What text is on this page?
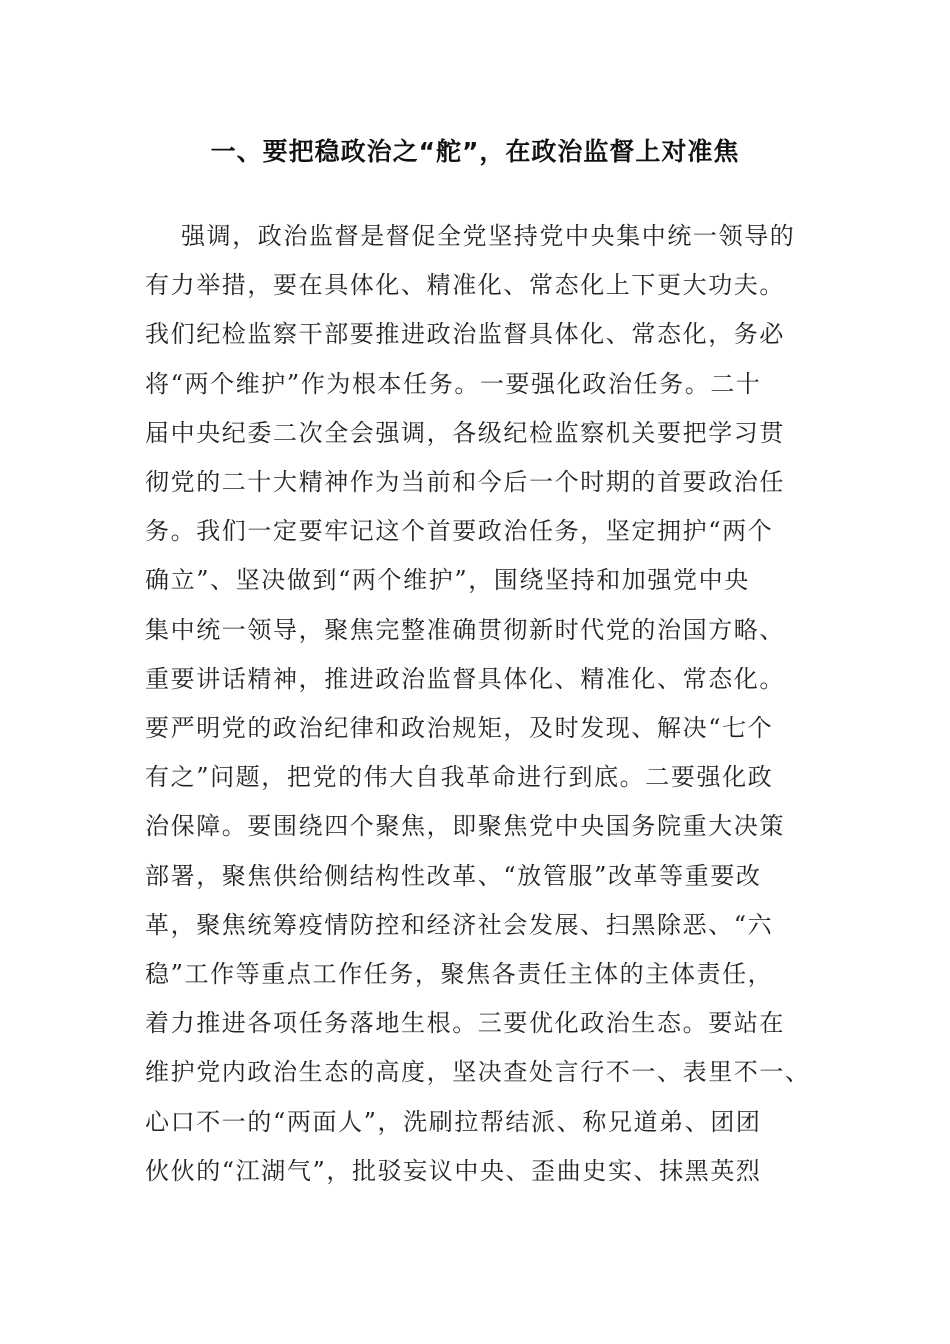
一、要把稳政治之“舵”，在政治监督上对准焦
强调，政治监督是督促全党坚持党中央集中统一领导的
有力举措，要在具体化、精准化、常态化上下更大功夫。
我们纪检监察干部要推进政治监督具体化、常态化，务必
将“两个维护”作为根本任务。一要强化政治任务。二十
届中央纪委二次全会强调，各级纪检监察机关要把学习贯
彻党的二十大精神作为当前和今后一个时期的首要政治任
务。我们一定要牢记这个首要政治任务，坚定拥护“两个
确立”、坚决做到“两个维护”，围绕坚持和加强党中央
集中统一领导，聚焦完整准确贯彻新时代党的治国方略、
重要讲话精神，推进政治监督具体化、精准化、常态化。
要严明党的政治纪律和政治规矩，及时发现、解决“七个
有之”问题，把党的伟大自我革命进行到底。二要强化政
治保障。要围绕四个聚焦，即聚焦党中央国务院重大决策
部署，聚焦供给侧结构性改革、“放管服”改革等重要改
革，聚焦统筹疫情防控和经济社会发展、扫黑除恶、“六
稳”工作等重点工作任务，聚焦各责任主体的主体责任，
着力推进各项任务落地生根。三要优化政治生态。要站在
维护党内政治生态的高度，坚决查处言行不一、表里不一、
心口不一的“两面人”，洗刷拉帮结派、称兄道弟、团团
伙伙的“江湖气”，批驳妄议中央、歪曲史实、抹黑英烈
